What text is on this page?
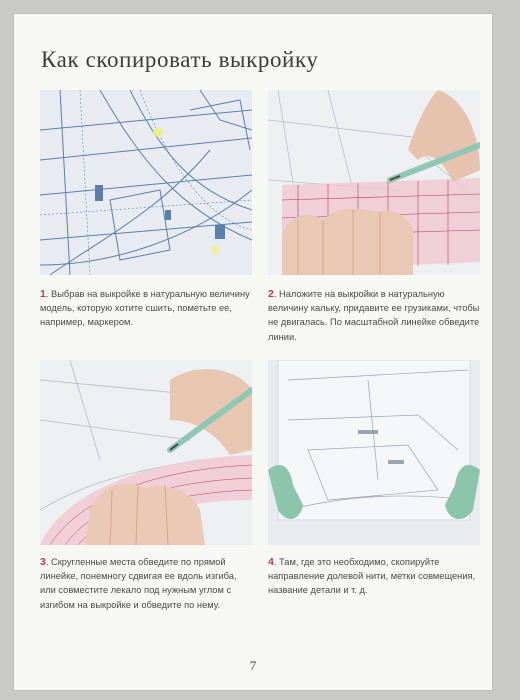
Как скопировать выкройку
1. Выбрав на выкройке в натуральную величину модель, которую хотите сшить, пометьте ее, например, маркером.
2. Наложите на выкройки в натуральную величину кальку, придавите ее грузиками, чтобы не двигалась. По масштабной линейке обведите линии.
3. Скругленные места обведите по прямой линейке, понемногу сдвигая ее вдоль изгиба, или совместите лекало под нужным углом с изгибом на выкройке и обведите по нему.
4. Там, где это необходимо, скопируйте направление долевой нити, метки совмещения, название детали и т. д.
7
